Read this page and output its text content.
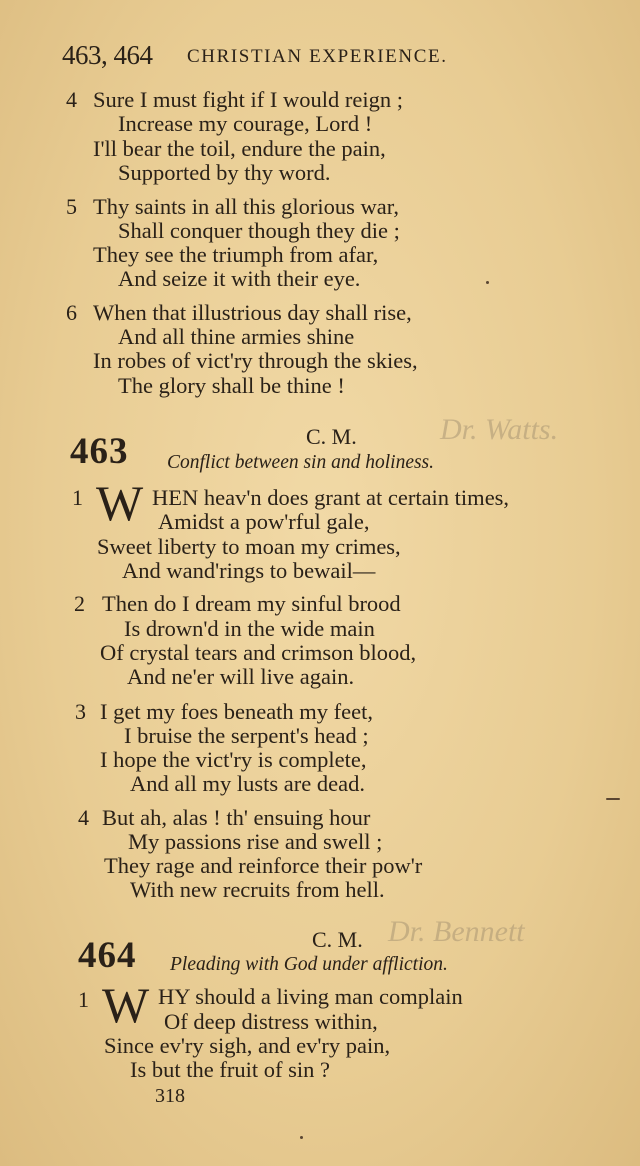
463, 464 CHRISTIAN EXPERIENCE.
4 Sure I must fight if I would reign ;
Increase my courage, Lord !
I'll bear the toil, endure the pain,
Supported by thy word.
5 Thy saints in all this glorious war,
Shall conquer though they die ;
They see the triumph from afar,
And seize it with their eye.
6 When that illustrious day shall rise,
And all thine armies shine
In robes of vict'ry through the skies,
The glory shall be thine !
463	C. M.
Conflict between sin and holiness.
Dr. Watts.
1 W HEN heav'n does grant at certain times,
Amidst a pow'rful gale,
Sweet liberty to moan my crimes,
And wand'rings to bewail—
2 Then do I dream my sinful brood
Is drown'd in the wide main
Of crystal tears and crimson blood,
And ne'er will live again.
3 I get my foes beneath my feet,
I bruise the serpent's head ;
I hope the vict'ry is complete,
And all my lusts are dead.
4 But ah, alas ! th' ensuing hour
My passions rise and swell ;
They rage and reinforce their pow'r
With new recruits from hell.
464	C. M.
Pleading with God under affliction.
Dr. Bennett
1 W HY should a living man complain
Of deep distress within,
Since ev'ry sigh, and ev'ry pain,
Is but the fruit of sin ?
318
